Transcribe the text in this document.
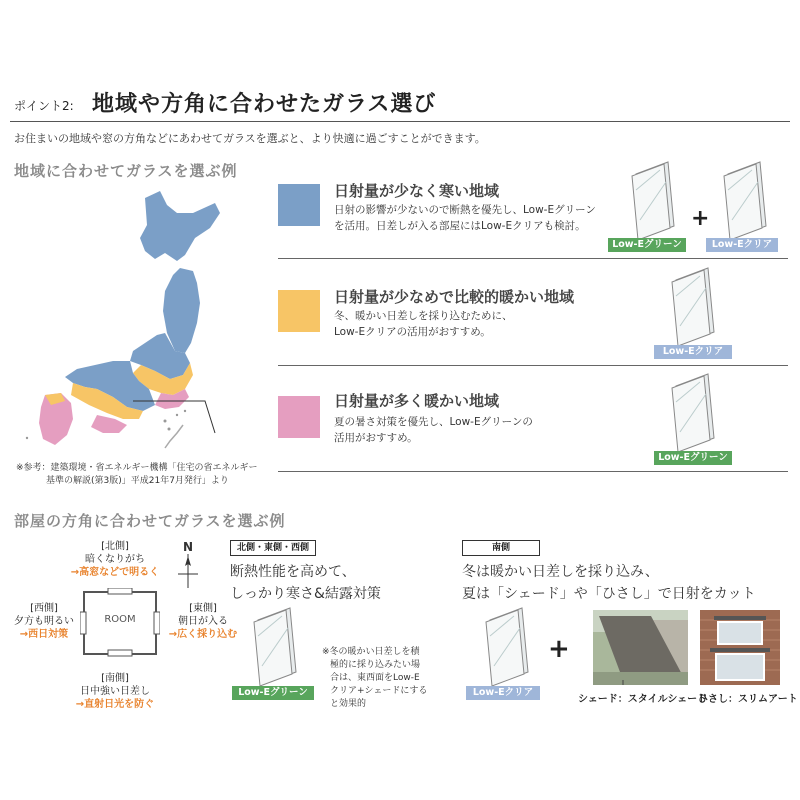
ポイント2: 地域や方角に合わせたガラス選び
お住まいの地域や窓の方角などにあわせてガラスを選ぶと、より快適に過ごすことができます。
地域に合わせてガラスを選ぶ例
※参考：建築環境・省エネルギー機構「住宅の省エネルギー
基準の解説(第3版)」平成21年7月発行」より
日射量が少なく寒い地域
日射の影響が少ないので断熱を優先し、Low-Eグリーン
を活用。日差しが入る部屋にはLow-Eクリアも検討。	+
Low-Eグリーン	Low-Eクリア
日射量が少なめで比較的暖かい地域
冬、暖かい日差しを採り込むために、
Low-Eクリアの活用がおすすめ。
Low-Eクリア
日射量が多く暖かい地域
夏の暑さ対策を優先し、Low-Eグリーンの
活用がおすすめ。
Low-Eグリーン
部屋の方角に合わせてガラスを選ぶ例
N
[北側]
暗くなりがち
→高窓などで明るく
[西側]
夕方も明るい
→西日対策
ROOM
[東側]
朝日が入る
→広く採り込む
[南側]
日中強い日差し
→直射日光を防ぐ
北側・東側・西側
断熱性能を高めて、
しっかり寒さ&結露対策
Low-Eグリーン
※冬の暖かい日差しを積
極的に採り込みたい場
合は、東西面をLow-E
クリア+シェードにする
と効果的
南側
冬は暖かい日差しを採り込み、
夏は「シェード」や「ひさし」で日射をカット
Low-Eクリア
+
シェード：スタイルシェード
ひさし：スリムアート
